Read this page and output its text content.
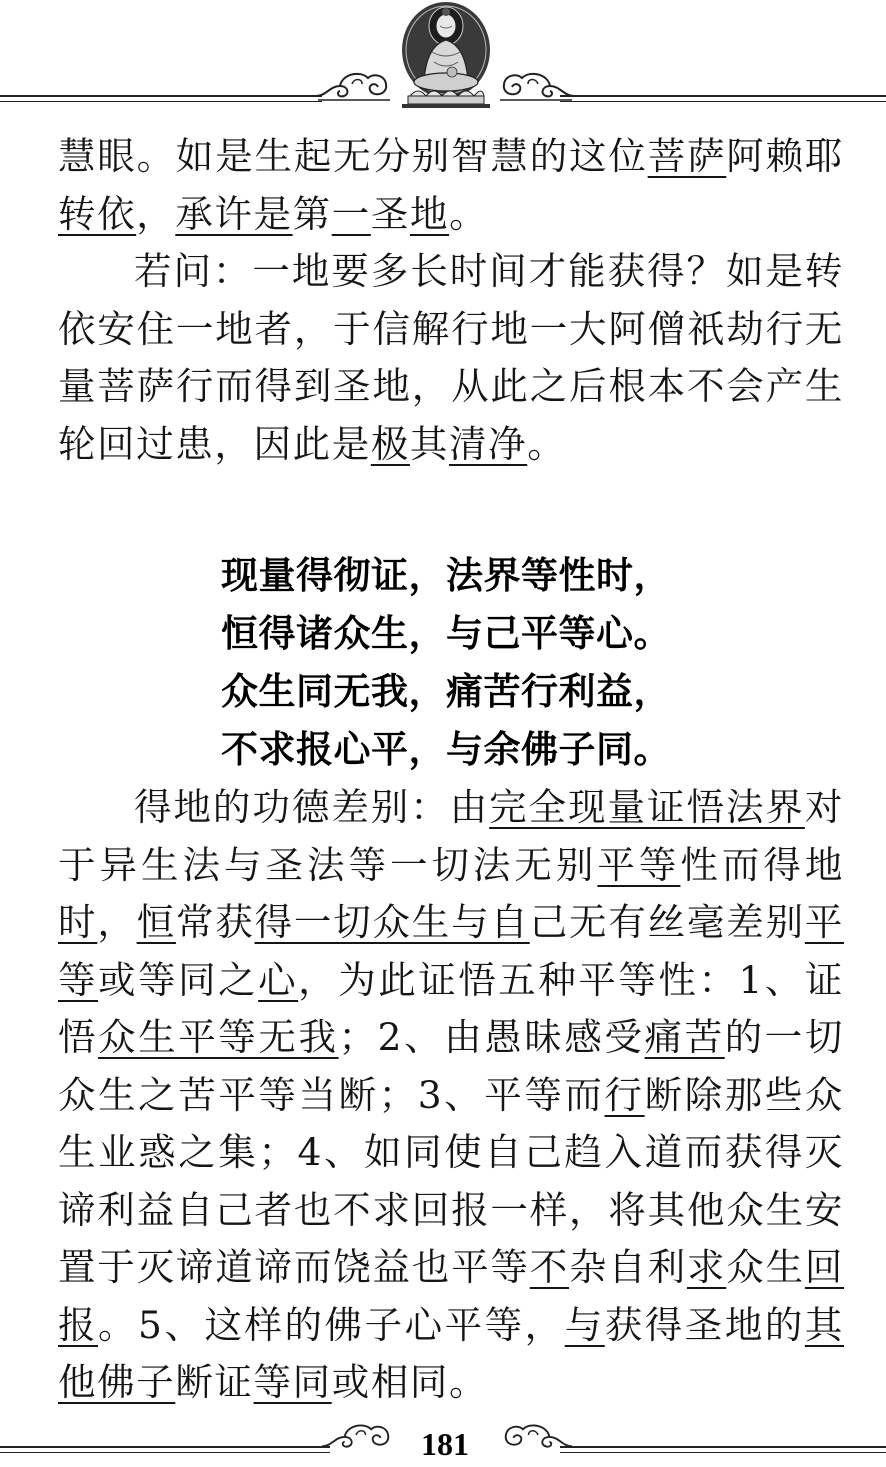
慧眼。如是生起无分别智慧的这位菩萨阿赖耶转依，承许是第一圣地。

若问：一地要多长时间才能获得？如是转依安住一地者，于信解行地一大阿僧祇劫行无量菩萨行而得到圣地，从此之后根本不会产生轮回过患，因此是极其清净。

现量得彻证，法界等性时，
恒得诸众生，与己平等心。
众生同无我，痛苦行利益，
不求报心平，与余佛子同。

得地的功德差别：由完全现量证悟法界对于异生法与圣法等一切法无别平等性而得地时，恒常获得一切众生与自己无有丝毫差别平等或等同之心，为此证悟五种平等性：1、证悟众生平等无我；2、由愚昧感受痛苦的一切众生之苦平等当断；3、平等而行断除那些众生业惑之集；4、如同使自己趋入道而获得灭谛利益自己者也不求回报一样，将其他众生安置于灭谛道谛而饶益也平等不杂自利求众生回报。5、这样的佛子心平等，与获得圣地的其他佛子断证等同或相同。

181
